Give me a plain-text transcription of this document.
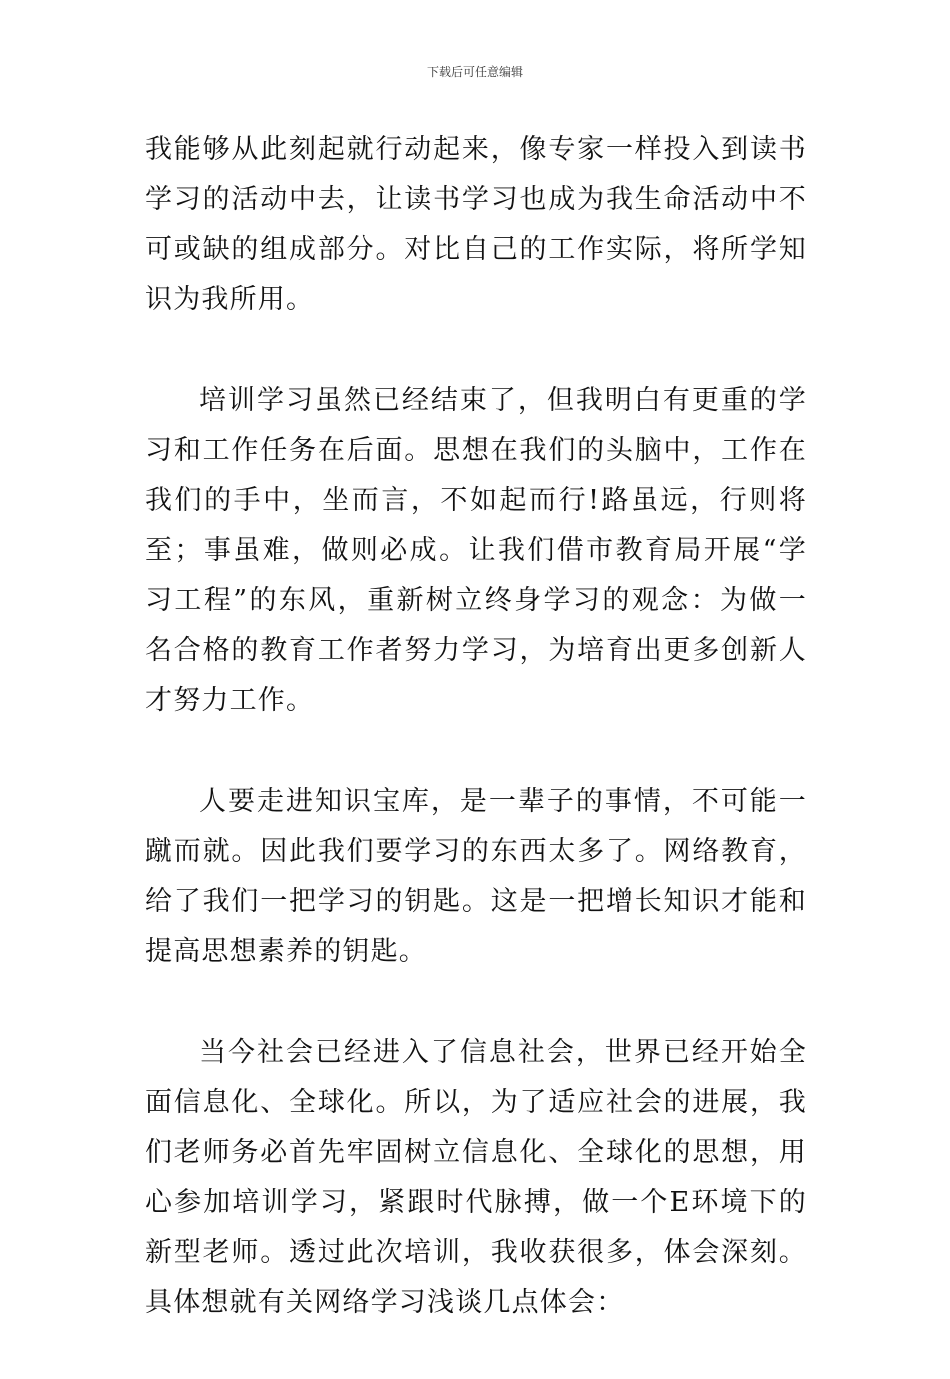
下载后可任意编辑

我能够从此刻起就行动起来，像专家一样投入到读书学习的活动中去，让读书学习也成为我生命活动中不可或缺的组成部分。对比自己的工作实际，将所学知识为我所用。

培训学习虽然已经结束了，但我明白有更重的学习和工作任务在后面。思想在我们的头脑中，工作在我们的手中，坐而言，不如起而行!路虽远，行则将至；事虽难，做则必成。让我们借市教育局开展“学习工程”的东风，重新树立终身学习的观念：为做一名合格的教育工作者努力学习，为培育出更多创新人才努力工作。

人要走进知识宝库，是一辈子的事情，不可能一蹴而就。因此我们要学习的东西太多了。网络教育，给了我们一把学习的钥匙。这是一把增长知识才能和提高思想素养的钥匙。

当今社会已经进入了信息社会，世界已经开始全面信息化、全球化。所以，为了适应社会的进展，我们老师务必首先牢固树立信息化、全球化的思想，用心参加培训学习，紧跟时代脉搏，做一个E环境下的新型老师。透过此次培训，我收获很多，体会深刻。具体想就有关网络学习浅谈几点体会：
